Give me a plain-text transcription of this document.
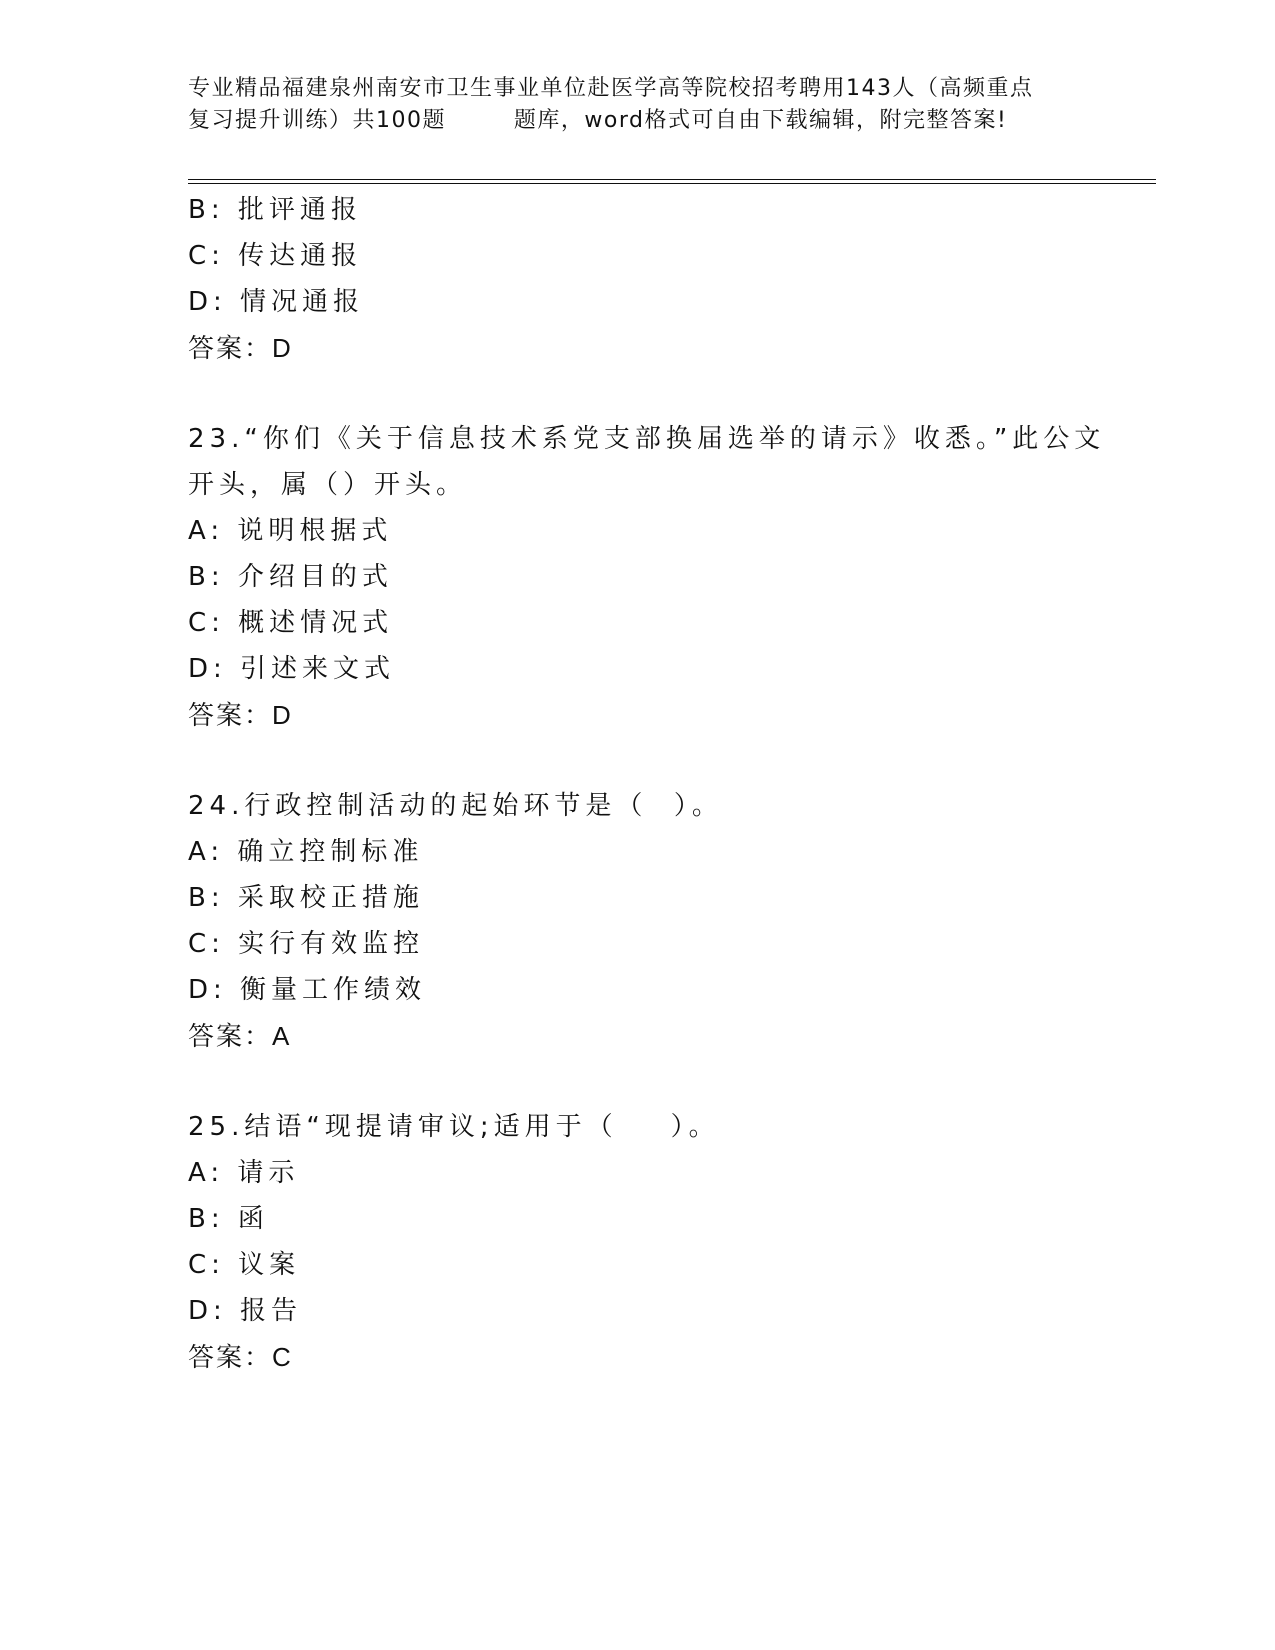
专业精品福建泉州南安市卫生事业单位赴医学高等院校招考聘用143人（高频重点
复习提升训练）共100题        题库，word格式可自由下载编辑，附完整答案!
B: 批评通报
C: 传达通报
D: 情况通报
答案：D
23.“你们《关于信息技术系党支部换届选举的请示》收悉。”此公文
开头，属（）开头。
A: 说明根据式
B: 介绍目的式
C: 概述情况式
D: 引述来文式
答案：D
24.行政控制活动的起始环节是（  ）。
A: 确立控制标准
B: 采取校正措施
C: 实行有效监控
D: 衡量工作绩效
答案：A
25.结语“现提请审议;适用于（    ）。
A: 请示
B: 函
C: 议案
D: 报告
答案：C
